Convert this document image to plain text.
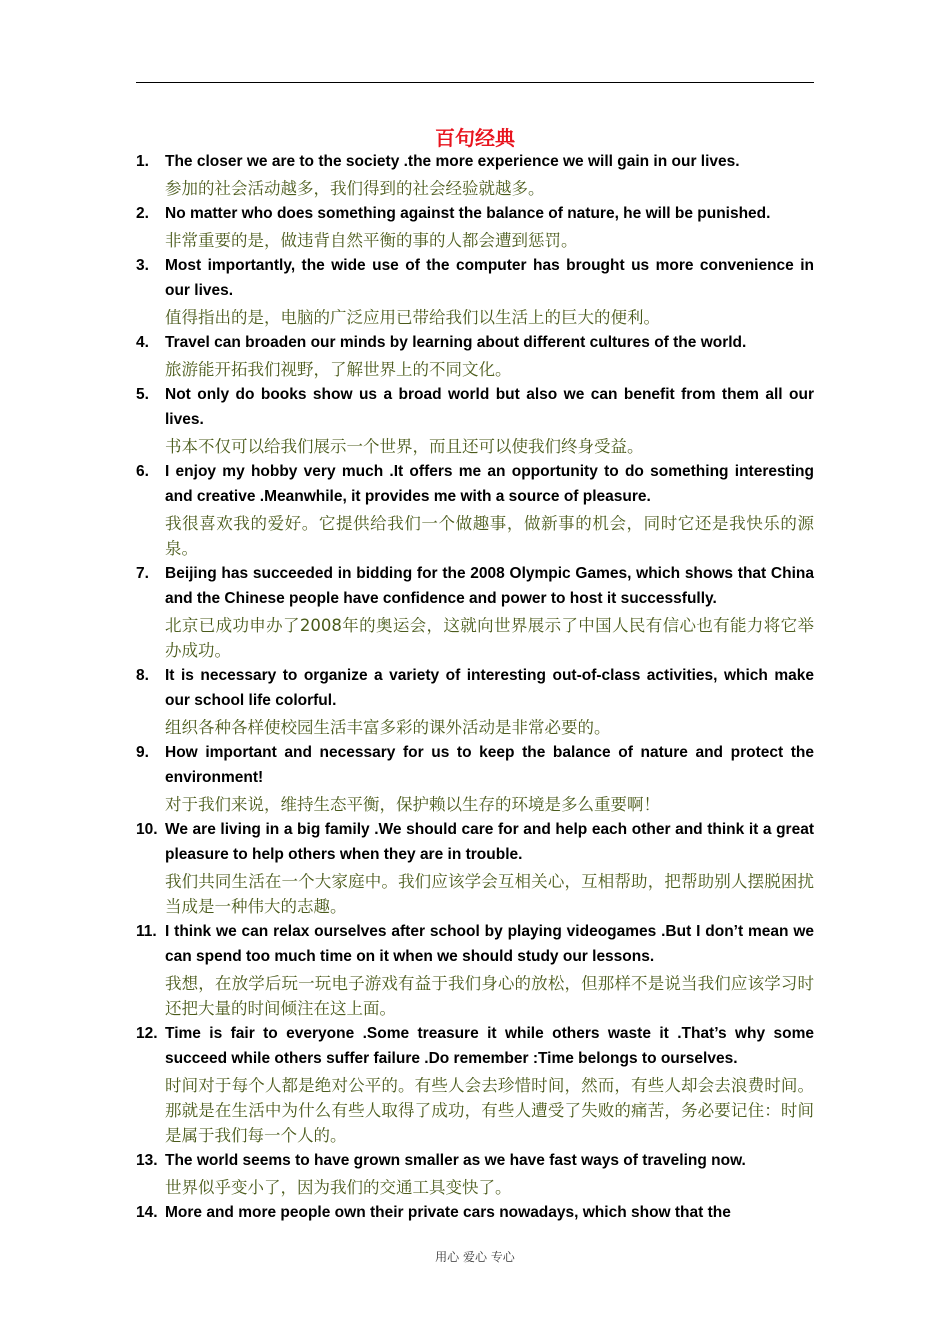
百句经典
1. The closer we are to the society .the more experience we will gain in our lives.

参加的社会活动越多，我们得到的社会经验就越多。

2. No matter who does something against the balance of nature, he will be punished.

非常重要的是，做违背自然平衡的事的人都会遭到惩罚。

3. Most importantly, the wide use of the computer has brought us more convenience in our lives.

值得指出的是，电脑的广泛应用已带给我们以生活上的巨大的便利。

4. Travel can broaden our minds by learning about different cultures of the world.

旅游能开拓我们视野，了解世界上的不同文化。

5. Not only do books show us a broad world but also we can benefit from them all our lives.

书本不仅可以给我们展示一个世界，而且还可以使我们终身受益。

6. I enjoy my hobby very much .It offers me an opportunity to do something interesting and creative .Meanwhile, it provides me with a source of pleasure.

我很喜欢我的爱好。它提供给我们一个做趣事，做新事的机会，同时它还是我快乐的源泉。

7. Beijing has succeeded in bidding for the 2008 Olympic Games, which shows that China and the Chinese people have confidence and power to host it successfully.

北京已成功申办了2008年的奥运会，这就向世界展示了中国人民有信心也有能力将它举办成功。

8. It is necessary to organize a variety of interesting out-of-class activities, which make our school life colorful.

组织各种各样使校园生活丰富多彩的课外活动是非常必要的。

9. How important and necessary for us to keep the balance of nature and protect the environment!

对于我们来说，维持生态平衡，保护赖以生存的环境是多么重要啊！

10. We are living in a big family .We should care for and help each other and think it a great pleasure to help others when they are in trouble.

我们共同生活在一个大家庭中。我们应该学会互相关心，互相帮助，把帮助别人摆脱困扰当成是一种伟大的志趣。

11. I think we can relax ourselves after school by playing videogames .But I don’t mean we can spend too much time on it when we should study our lessons.

我想，在放学后玩一玩电子游戏有益于我们身心的放松，但那样不是说当我们应该学习时还把大量的时间倾注在这上面。

12. Time is fair to everyone .Some treasure it while others waste it .That’s why some succeed while others suffer failure .Do remember :Time belongs to ourselves.

时间对于每个人都是绝对公平的。有些人会去珍惜时间，然而，有些人却会去浪费时间。那就是在生活中为什么有些人取得了成功，有些人遭受了失败的痛苦，务必要记住：时间是属于我们每一个人的。

13. The world seems to have grown smaller as we have fast ways of traveling now.

世界似乎变小了，因为我们的交通工具变快了。

14. More and more people own their private cars nowadays, which show that the

用心 爱心 专心
